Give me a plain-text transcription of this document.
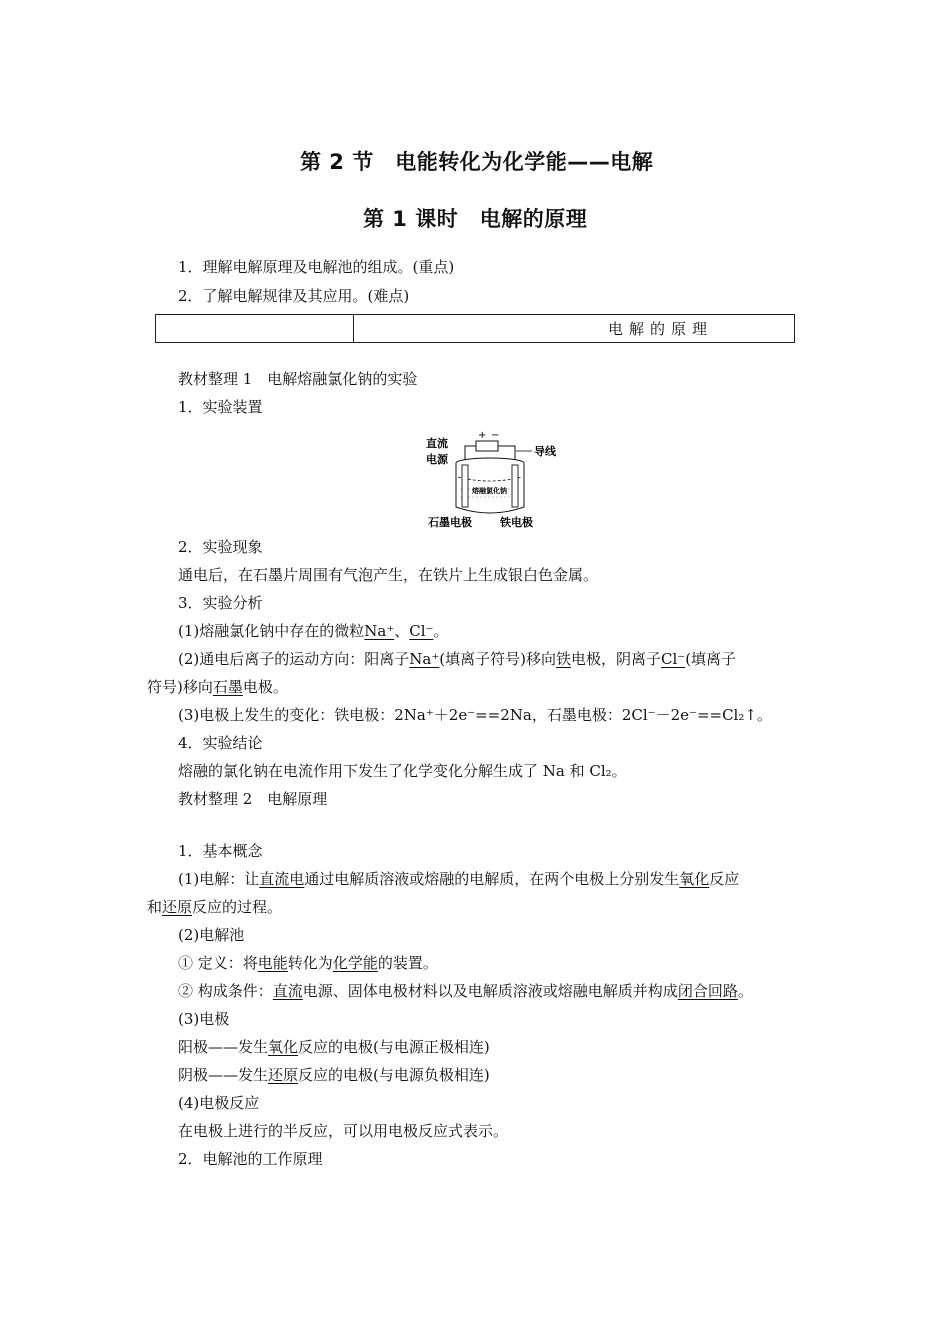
第 2 节　电能转化为化学能——电解
第 1 课时　电解的原理
1．理解电解原理及电解池的组成。(重点)
2．了解电解规律及其应用。(难点)
电解的原理
教材整理 1　电解熔融氯化钠的实验
1．实验装置
直流
电源
+ −
导线
熔融氯化钠
石墨电极	铁电极
2．实验现象
通电后，在石墨片周围有气泡产生，在铁片上生成银白色金属。
3．实验分析
(1)熔融氯化钠中存在的微粒Na⁺、Cl⁻。
(2)通电后离子的运动方向：阳离子Na⁺(填离子符号)移向铁电极，阴离子Cl⁻(填离子
符号)移向石墨电极。
(3)电极上发生的变化：铁电极：2Na⁺＋2e⁻==2Na，石墨电极：2Cl⁻－2e⁻==Cl₂↑。
4．实验结论
熔融的氯化钠在电流作用下发生了化学变化分解生成了 Na 和 Cl₂。
教材整理 2　电解原理
1．基本概念
(1)电解：让直流电通过电解质溶液或熔融的电解质，在两个电极上分别发生氧化反应
和还原反应的过程。
(2)电解池
① 定义：将电能转化为化学能的装置。
② 构成条件：直流电源、固体电极材料以及电解质溶液或熔融电解质并构成闭合回路。
(3)电极
阳极——发生氧化反应的电极(与电源正极相连)
阴极——发生还原反应的电极(与电源负极相连)
(4)电极反应
在电极上进行的半反应，可以用电极反应式表示。
2．电解池的工作原理
